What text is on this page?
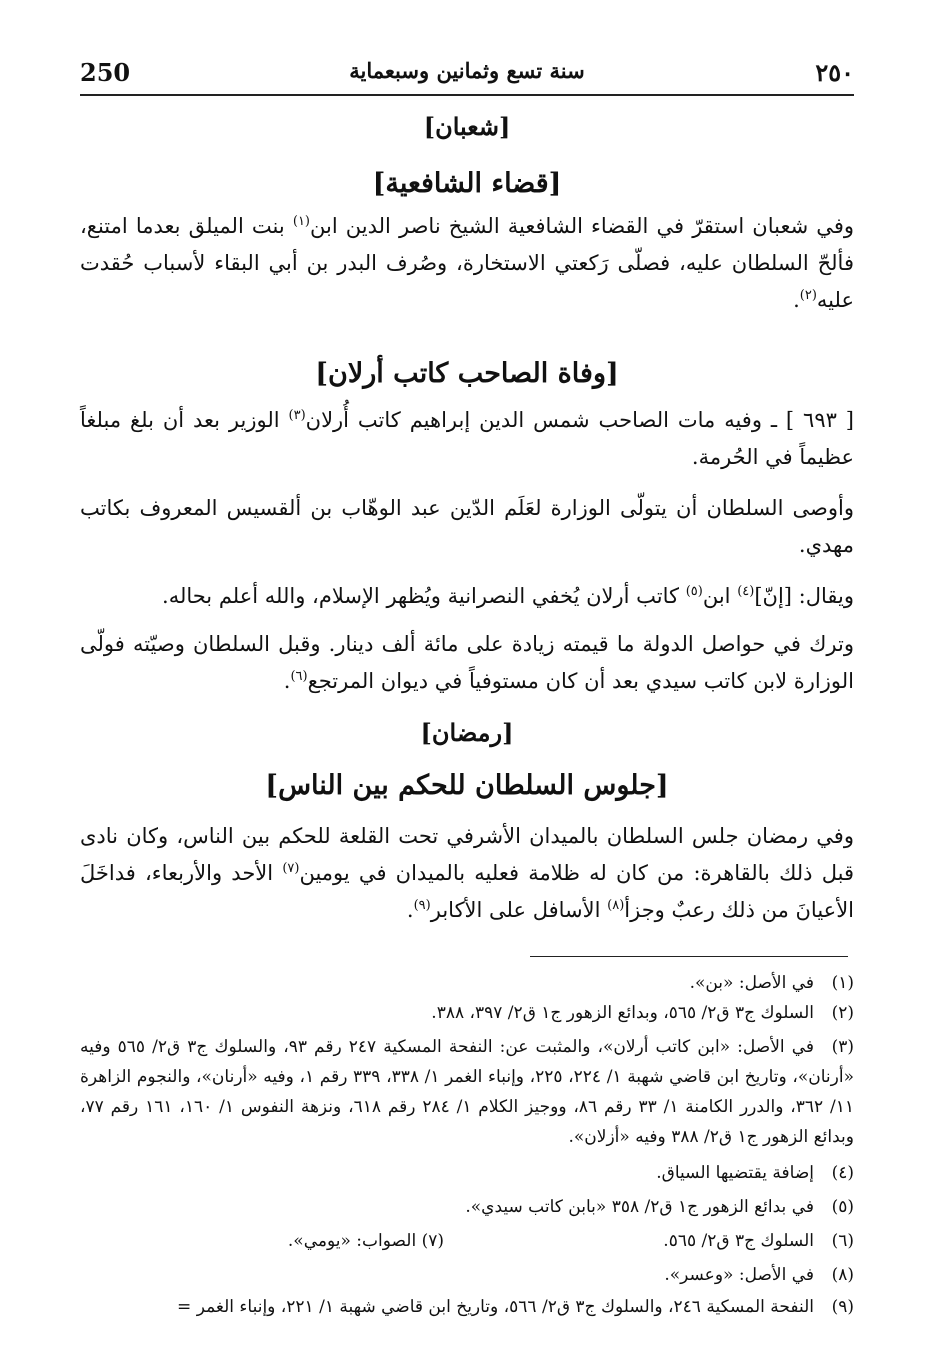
250	سنة تسع وثمانين وسبعماية	٢٥٠
[شعبان]
[قضاء الشافعية]

وفي شعبان استقرّ في القضاء الشافعية الشيخ ناصر الدين ابن$^{(١)}$ بنت الميلق بعدما امتنع، فألحّ السلطان عليه، فصلّى رَكعتي الاستخارة، وصُرف البدر بن أبي البقاء لأسباب حُقدت عليه$^{(٢)}$.

[وفاة الصاحب كاتب أرلان]

[ ٦٩٣ ] ـ وفيه مات الصاحب شمس الدين إبراهيم كاتب أُرلان$^{(٣)}$ الوزير بعد أن بلغ مبلغاً عظيماً في الحُرمة.

وأوصى السلطان أن يتولّى الوزارة لعَلَم الدّين عبد الوهّاب بن ألقسيس المعروف بكاتب مهدي.

ويقال: [إنّ]$^{(٤)}$ ابن$^{(٥)}$ كاتب أرلان يُخفي النصرانية ويُظهر الإسلام، والله أعلم بحاله.

وترك في حواصل الدولة ما قيمته زيادة على مائة ألف دينار. وقبل السلطان وصيّته فولّى الوزارة لابن كاتب سيدي بعد أن كان مستوفياً في ديوان المرتجع$^{(٦)}$.

[رمضان]
[جلوس السلطان للحكم بين الناس]

وفي رمضان جلس السلطان بالميدان الأشرفي تحت القلعة للحكم بين الناس، وكان نادى قبل ذلك بالقاهرة: من كان له ظلامة فعليه بالميدان في يومين$^{(٧)}$ الأحد والأربعاء، فداخَلَ الأعيانَ من ذلك رعبٌ وجزأ$^{(٨)}$ الأسافل على الأكابر$^{(٩)}$.

(١)في الأصل: «بن».
(٢)السلوك ج٣ ق٢/ ٥٦٥، وبدائع الزهور ج١ ق٢/ ٣٩٧، ٣٨٨.
(٣)في الأصل: «ابن كاتب أرلان»، والمثبت عن: النفحة المسكية ٢٤٧ رقم ٩٣، والسلوك ج٣ ق٢/ ٥٦٥ وفيه «أرنان»، وتاريخ ابن قاضي شهبة ١/ ٢٢٤، ٢٢٥، وإنباء الغمر ١/ ٣٣٨، ٣٣٩ رقم ١، وفيه «أرنان»، والنجوم الزاهرة ١١/ ٣٦٢، والدرر الكامنة ١/ ٣٣ رقم ٨٦، ووجيز الكلام ١/ ٢٨٤ رقم ٦١٨، ونزهة النفوس ١/ ١٦٠، ١٦١ رقم ٧٧، وبدائع الزهور ج١ ق٢/ ٣٨٨ وفيه «أزلان».
(٤)إضافة يقتضيها السياق.
(٥)في بدائع الزهور ج١ ق٢/ ٣٥٨ «بابن كاتب سيدي».
(٦)السلوك ج٣ ق٢/ ٥٦٥.
(٧) الصواب: «يومي».
(٨)في الأصل: «وعسر».
(٩)النفحة المسكية ٢٤٦، والسلوك ج٣ ق٢/ ٥٦٦، وتاريخ ابن قاضي شهبة ١/ ٢٢١، وإنباء الغمر =
